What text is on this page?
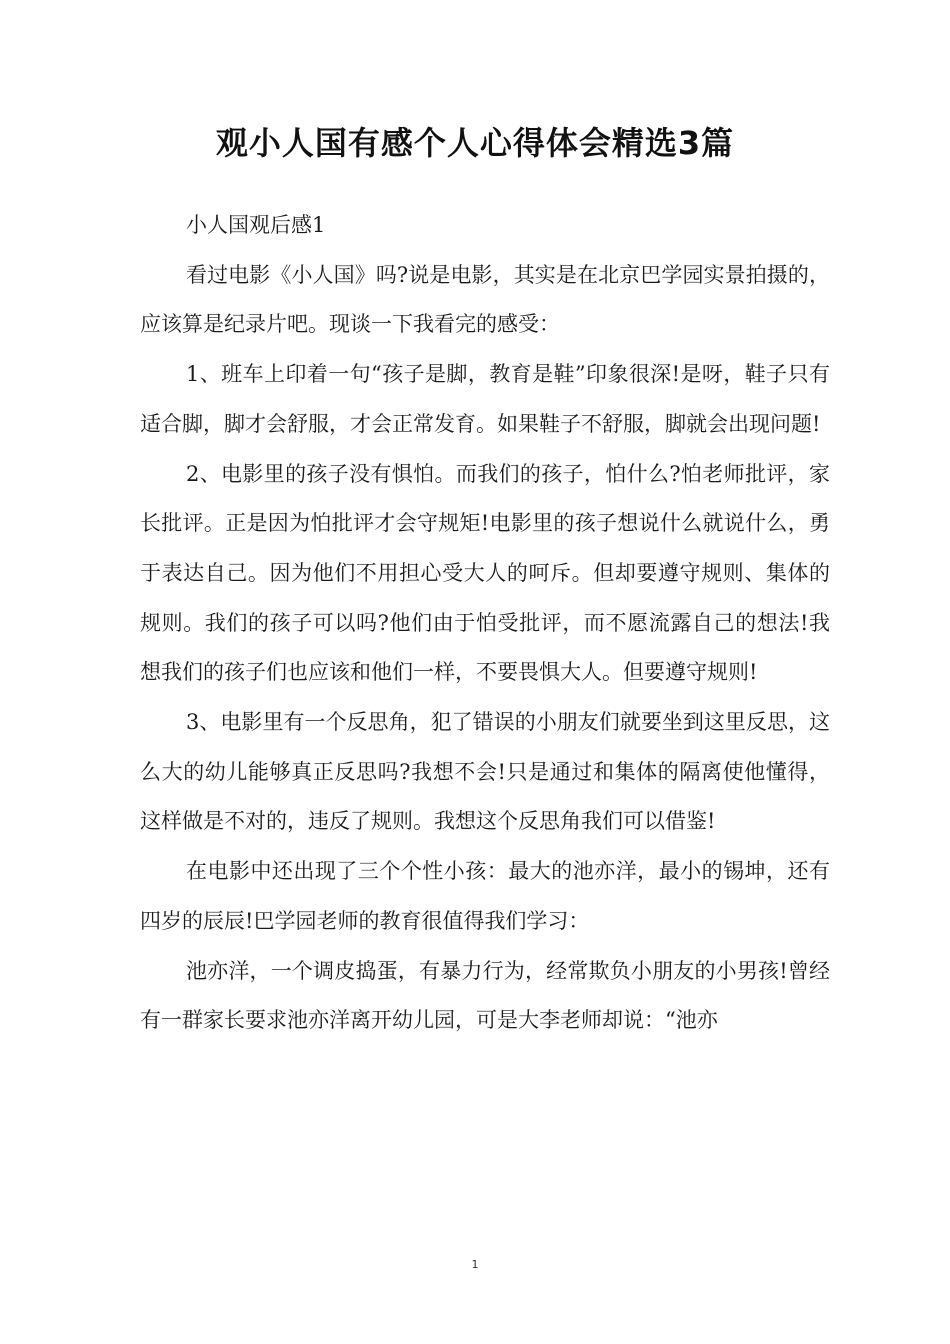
观小人国有感个人心得体会精选3篇

小人国观后感1

看过电影《小人国》吗?说是电影，其实是在北京巴学园实景拍摄的，应该算是纪录片吧。现谈一下我看完的感受：

1、班车上印着一句“孩子是脚，教育是鞋”印象很深!是呀，鞋子只有适合脚，脚才会舒服，才会正常发育。如果鞋子不舒服，脚就会出现问题!

2、电影里的孩子没有惧怕。而我们的孩子，怕什么?怕老师批评，家长批评。正是因为怕批评才会守规矩!电影里的孩子想说什么就说什么，勇于表达自己。因为他们不用担心受大人的呵斥。但却要遵守规则、集体的规则。我们的孩子可以吗?他们由于怕受批评，而不愿流露自己的想法!我想我们的孩子们也应该和他们一样，不要畏惧大人。但要遵守规则!

3、电影里有一个反思角，犯了错误的小朋友们就要坐到这里反思，这么大的幼儿能够真正反思吗?我想不会!只是通过和集体的隔离使他懂得，这样做是不对的，违反了规则。我想这个反思角我们可以借鉴!

在电影中还出现了三个个性小孩：最大的池亦洋，最小的锡坤，还有四岁的辰辰!巴学园老师的教育很值得我们学习：

池亦洋，一个调皮捣蛋，有暴力行为，经常欺负小朋友的小男孩!曾经有一群家长要求池亦洋离开幼儿园，可是大李老师却说：“池亦

1
